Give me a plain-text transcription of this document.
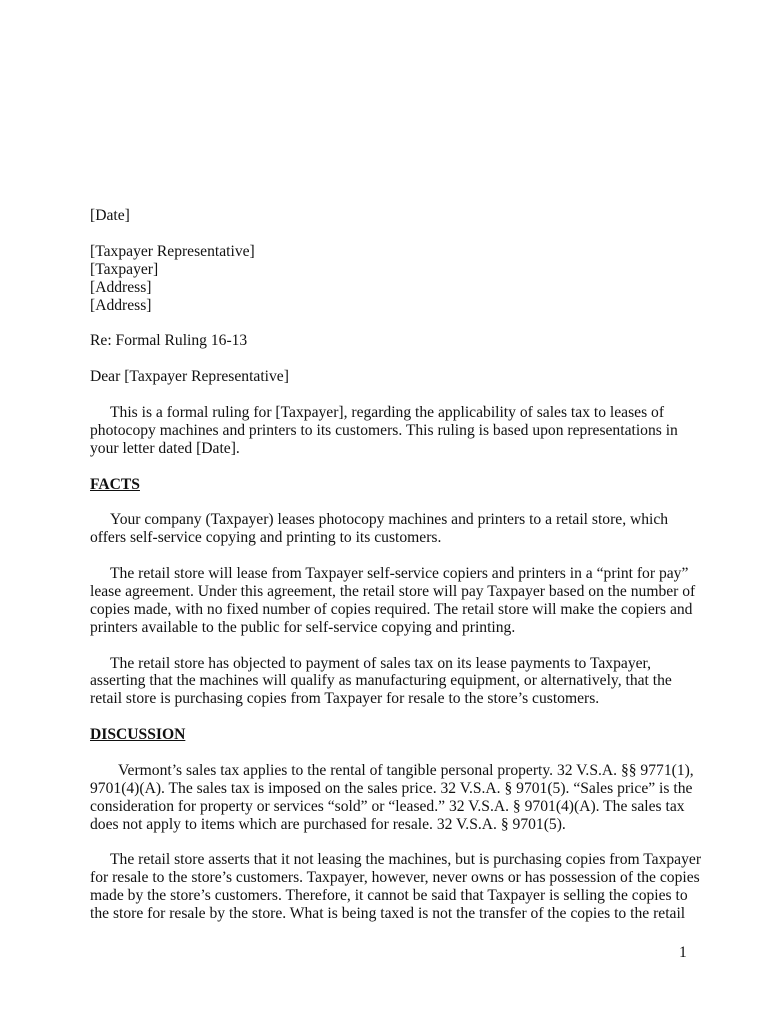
[Date]

[Taxpayer Representative]
[Taxpayer]
[Address]
[Address]

Re: Formal Ruling 16-13

Dear [Taxpayer Representative]

This is a formal ruling for [Taxpayer], regarding the applicability of sales tax to leases of
photocopy machines and printers to its customers. This ruling is based upon representations in
your letter dated [Date].

FACTS

Your company (Taxpayer) leases photocopy machines and printers to a retail store, which
offers self-service copying and printing to its customers.
The retail store will lease from Taxpayer self-service copiers and printers in a “print for pay”
lease agreement. Under this agreement, the retail store will pay Taxpayer based on the number of
copies made, with no fixed number of copies required. The retail store will make the copiers and
printers available to the public for self-service copying and printing.
The retail store has objected to payment of sales tax on its lease payments to Taxpayer,
asserting that the machines will qualify as manufacturing equipment, or alternatively, that the
retail store is purchasing copies from Taxpayer for resale to the store’s customers.

DISCUSSION

Vermont’s sales tax applies to the rental of tangible personal property. 32 V.S.A. §§ 9771(1),
9701(4)(A). The sales tax is imposed on the sales price. 32 V.S.A. § 9701(5). “Sales price” is the
consideration for property or services “sold” or “leased.” 32 V.S.A. § 9701(4)(A). The sales tax
does not apply to items which are purchased for resale. 32 V.S.A. § 9701(5).
The retail store asserts that it not leasing the machines, but is purchasing copies from Taxpayer
for resale to the store’s customers. Taxpayer, however, never owns or has possession of the copies
made by the store’s customers. Therefore, it cannot be said that Taxpayer is selling the copies to
the store for resale by the store. What is being taxed is not the transfer of the copies to the retail
1
